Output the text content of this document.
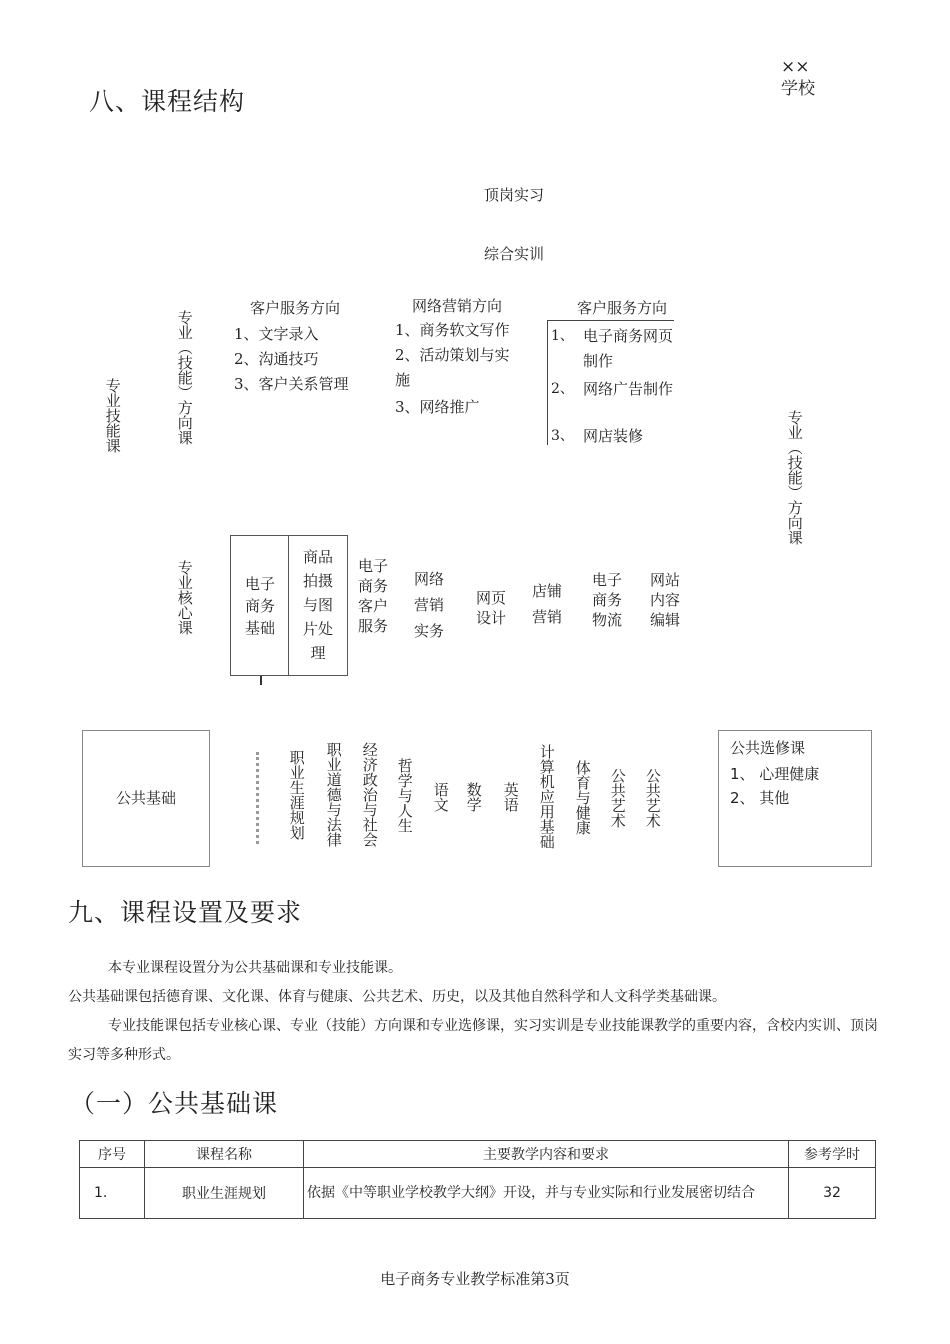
××学校
八、课程结构
顶岗实习
综合实训
专业技能课	专业（技能）方向课
专业核心课
专业（技能）方向课
客户服务方向
1、文字录入
2、沟通技巧
3、客户关系管理
网络营销方向
1、商务软文写作
2、活动策划与实施
3、网络推广
客户服务方向
1、 电子商务网页制作
2、 网络广告制作
3、 网店装修
电子商务基础
商品拍摄与图片处理
电子商务客户服务
网络营销实务
网页设计
店铺营销
电子商务物流
网站内容编辑
公共基础	职业生涯规划 职业道德与法律 经济政治与社会 哲学与人生 语文 数学 英语 计算机应用基础 体育与健康 公共艺术 公共艺术
公共选修课
1、 心理健康
2、 其他
九、课程设置及要求

本专业课程设置分为公共基础课和专业技能课。

公共基础课包括德育课、文化课、体育与健康、公共艺术、历史，以及其他自然科学和人文科学类基础课。

专业技能课包括专业核心课、专业（技能）方向课和专业选修课，实习实训是专业技能课教学的重要内容，含校内实训、顶岗实习等多种形式。

（一）公共基础课
序号	课程名称	主要教学内容和要求	参考学时
1.	职业生涯规划	依据《中等职业学校教学大纲》开设，并与专业实际和行业发展密切结合	32
电子商务专业教学标准第3页
